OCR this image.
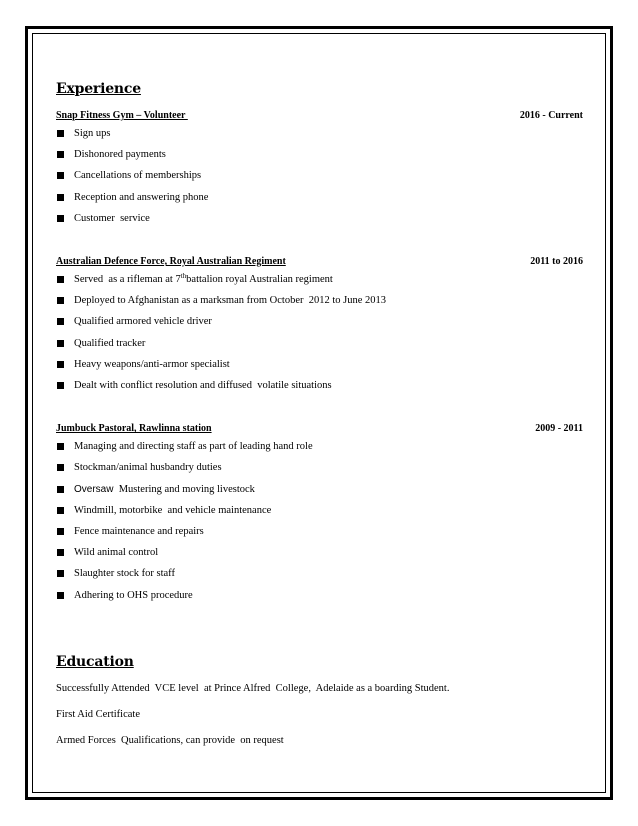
Experience
Snap Fitness Gym – Volunteer	2016 - Current
Sign ups
Dishonored payments
Cancellations of memberships
Reception and answering phone
Customer  service
Australian Defence Force, Royal Australian Regiment	2011 to 2016
Served  as a rifleman at 7thbattalion royal Australian regiment
Deployed to Afghanistan as a marksman from October  2012 to June 2013
Qualified armored vehicle driver
Qualified tracker
Heavy weapons/anti-armor specialist
Dealt with conflict resolution and diffused  volatile situations
Jumbuck Pastoral, Rawlinna station	2009 - 2011
Managing and directing staff as part of leading hand role
Stockman/animal husbandry duties
Oversaw  Mustering and moving livestock
Windmill, motorbike  and vehicle maintenance
Fence maintenance and repairs
Wild animal control
Slaughter stock for staff
Adhering to OHS procedure
Education

Successfully Attended  VCE level  at Prince Alfred  College,  Adelaide as a boarding Student.

First Aid Certificate

Armed Forces  Qualifications, can provide  on request
